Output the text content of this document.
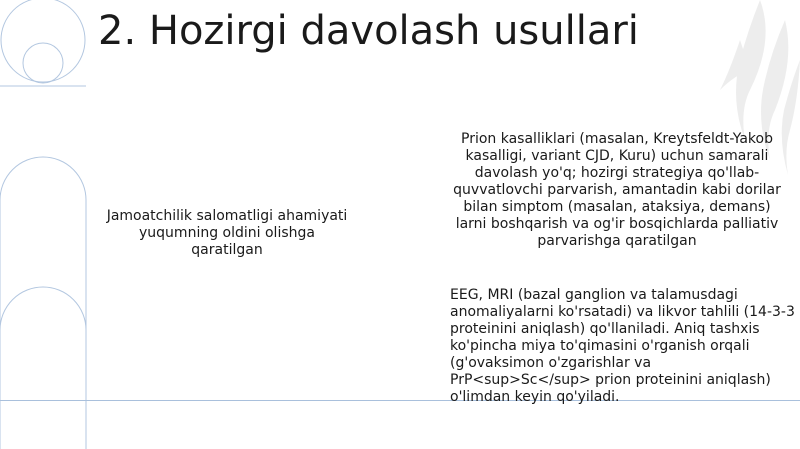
2. Hozirgi davolash usullari

Jamoatchilik salomatligi ahamiyati yuqumning oldini olishga qaratilgan

Prion kasalliklari (masalan, Kreytsfeldt-Yakob kasalligi, variant CJD, Kuru) uchun samarali davolash yo'q; hozirgi strategiya qo'llab-quvvatlovchi parvarish, amantadin kabi dorilar bilan simptom (masalan, ataksiya, demans) larni boshqarish va og'ir bosqichlarda palliativ parvarishga qaratilgan

EEG, MRI (bazal ganglion va talamusdagi anomaliyalarni ko'rsatadi) va likvor tahlili (14-3-3 proteinini aniqlash) qo'llaniladi. Aniq tashxis ko'pincha miya to'qimasini o'rganish orqali (g'ovaksimon o'zgarishlar va PrP<sup>Sc</sup> prion proteinini aniqlash) o'limdan keyin qo'yiladi.
